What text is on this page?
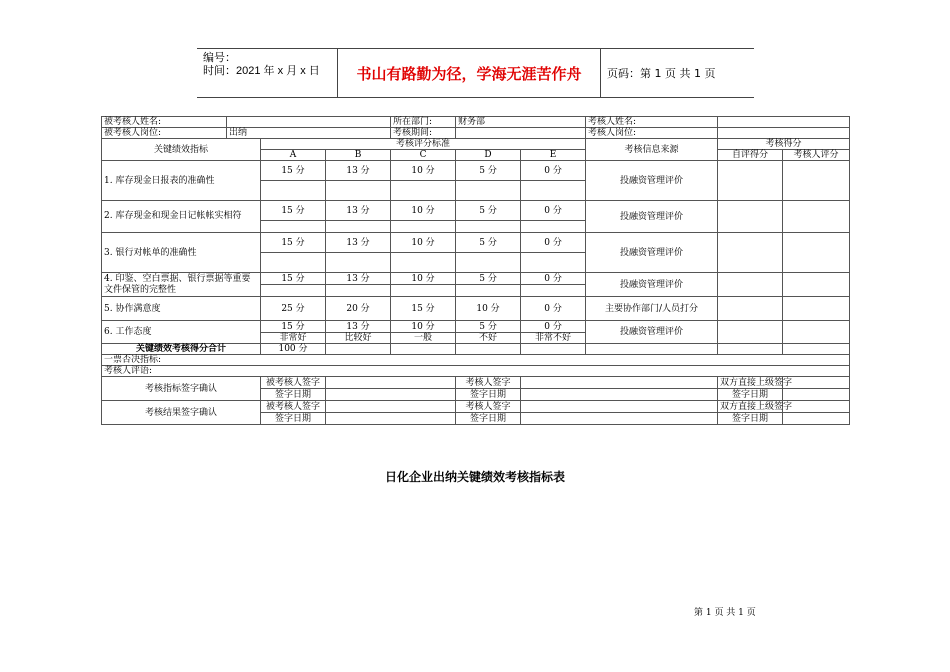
编号：
时间：2021 年 x 月 x 日	书山有路勤为径，学海无涯苦作舟	页码：第 1 页 共 1 页
被考核人姓名:				所在部门:	财务部		考核人姓名:		
被考核人岗位:	出纳			考核期间:			考核人岗位:		
关键绩效指标		考核评分标准					考核信息来源	考核得分	
		A	B	C	D	E		自评得分	考核人评分
1. 库存现金日报表的准确性		15 分	13 分	10 分	5 分	0 分	投融资管理评价		

2. 库存现金和现金日记帐帐实相符		15 分	13 分	10 分	5 分	0 分	投融资管理评价		

3. 银行对帐单的准确性		15 分	13 分	10 分	5 分	0 分	投融资管理评价		

4. 印鉴、空白票据、银行票据等重要文件保管的完整性		15 分	13 分	10 分	5 分	0 分	投融资管理评价		

5. 协作满意度		25 分	20 分	15 分	10 分	0 分	主要协作部门/人员打分		
6. 工作态度		15 分	13 分	10 分	5 分	0 分	投融资管理评价		
		非常好	比较好	一般	不好	非常不好			
关键绩效考核得分合计		100 分							
一票否决指标:									
考核人评语:									
考核指标签字确认		被考核人签字			考核人签字			双方直接上级签字	
		签字日期			签字日期			签字日期	
考核结果签字确认		被考核人签字			考核人签字			双方直接上级签字	
		签字日期			签字日期			签字日期	
日化企业出纳关键绩效考核指标表
第 1 页 共 1 页
